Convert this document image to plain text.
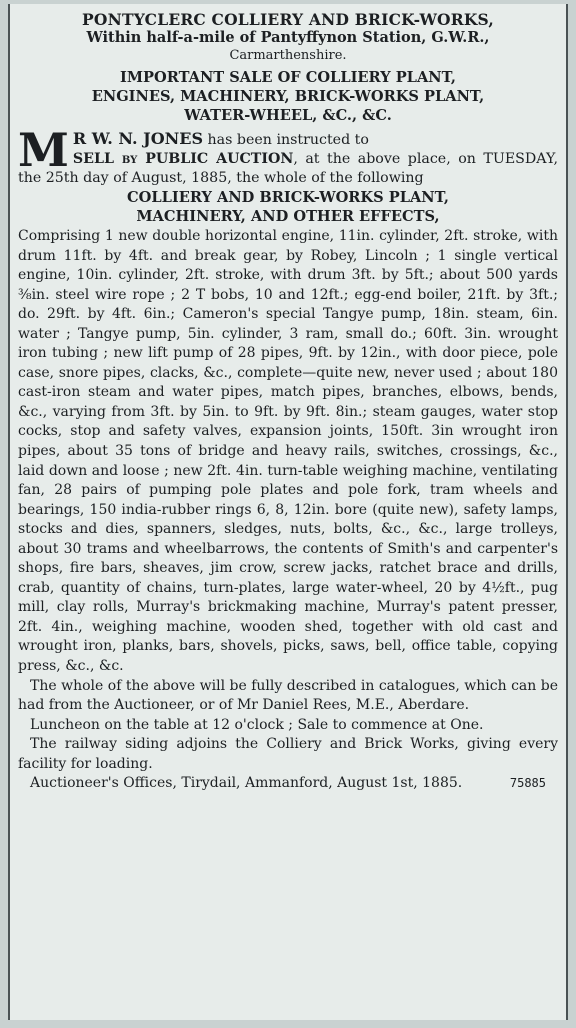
PONTYCLERC COLLIERY AND BRICK-WORKS,
Within half-a-mile of Pantyffynon Station, G.W.R.,
Carmarthenshire.
IMPORTANT SALE OF COLLIERY PLANT,
ENGINES, MACHINERY, BRICK-WORKS PLANT,
WATER-WHEEL, &C., &C.
M R W. N. JONES has been instructed to
SELL by PUBLIC AUCTION, at the above place, on TUESDAY, the 25th day of August, 1885, the whole of the following
COLLIERY AND BRICK-WORKS PLANT,
MACHINERY, AND OTHER EFFECTS,
Comprising 1 new double horizontal engine, 11in. cylinder, 2ft. stroke, with drum 11ft. by 4ft. and break gear, by Robey, Lincoln ; 1 single vertical engine, 10in. cylinder, 2ft. stroke, with drum 3ft. by 5ft.; about 500 yards ⅜in. steel wire rope ; 2 T bobs, 10 and 12ft.; egg-end boiler, 21ft. by 3ft.; do. 29ft. by 4ft. 6in.; Cameron's special Tangye pump, 18in. steam, 6in. water ; Tangye pump, 5in. cylinder, 3 ram, small do.; 60ft. 3in. wrought iron tubing ; new lift pump of 28 pipes, 9ft. by 12in., with door piece, pole case, snore pipes, clacks, &c., complete—quite new, never used ; about 180 cast-iron steam and water pipes, match pipes, branches, elbows, bends, &c., varying from 3ft. by 5in. to 9ft. by 9ft. 8in.; steam gauges, water stop cocks, stop and safety valves, expansion joints, 150ft. 3in wrought iron pipes, about 35 tons of bridge and heavy rails, switches, crossings, &c., laid down and loose ; new 2ft. 4in. turn-table weighing machine, ventilating fan, 28 pairs of pumping pole plates and pole fork, tram wheels and bearings, 150 india-rubber rings 6, 8, 12in. bore (quite new), safety lamps, stocks and dies, spanners, sledges, nuts, bolts, &c., &c., large trolleys, about 30 trams and wheelbarrows, the contents of Smith's and carpenter's shops, fire bars, sheaves, jim crow, screw jacks, ratchet brace and drills, crab, quantity of chains, turn-plates, large water-wheel, 20 by 4½ft., pug mill, clay rolls, Murray's brickmaking machine, Murray's patent presser, 2ft. 4in., weighing machine, wooden shed, together with old cast and wrought iron, planks, bars, shovels, picks, saws, bell, office table, copying press, &c., &c.
The whole of the above will be fully described in catalogues, which can be had from the Auctioneer, or of Mr Daniel Rees, M.E., Aberdare.
Luncheon on the table at 12 o'clock ; Sale to commence at One.
The railway siding adjoins the Colliery and Brick Works, giving every facility for loading.
Auctioneer's Offices, Tirydail, Ammanford, August 1st, 1885.	75885
